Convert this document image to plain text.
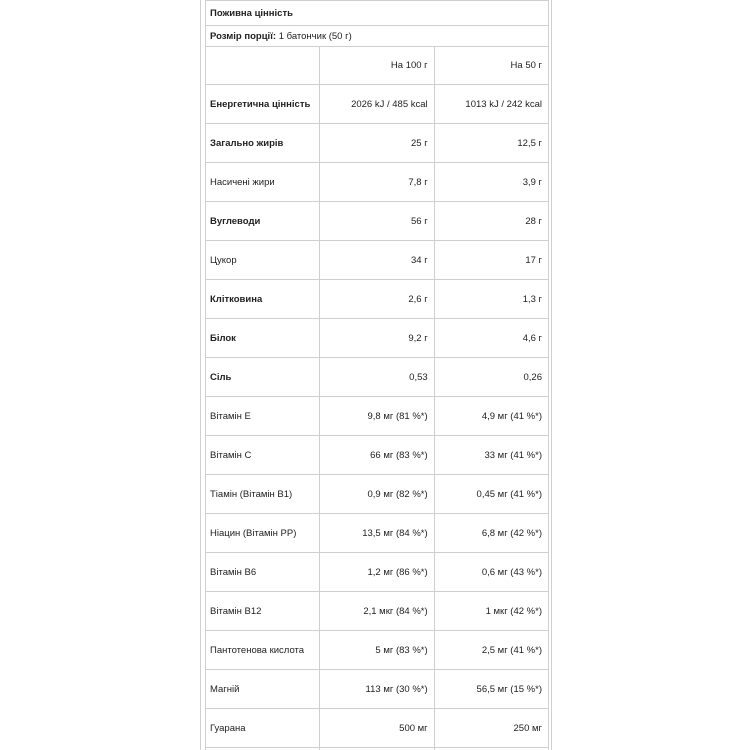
Поживна цінність		
Розмір порції: 1 батончик (50 г)		
	На 100 г	На 50 г
Енергетична цінність	2026 kJ / 485 kcal	1013 kJ / 242 kcal
Загально жирів	25 г	12,5 г
Насичені жири	7,8 г	3,9 г
Вуглеводи	56 г	28 г
Цукор	34 г	17 г
Клітковина	2,6 г	1,3 г
Білок	9,2 г	4,6 г
Сіль	0,53	0,26
Вітамін Е	9,8 мг (81 %*)	4,9 мг (41 %*)
Вітамін С	66 мг (83 %*)	33 мг (41 %*)
Тіамін (Вітамін В1)	0,9 мг (82 %*)	0,45 мг (41 %*)
Ніацин (Вітамін PP)	13,5 мг (84 %*)	6,8 мг (42 %*)
Вітамін В6	1,2 мг (86 %*)	0,6 мг (43 %*)
Вітамін В12	2,1 мкг (84 %*)	1 мкг (42 %*)
Пантотенова кислота	5 мг (83 %*)	2,5 мг (41 %*)
Магній	113 мг (30 %*)	56,5 мг (15 %*)
Гуарана	500 мг	250 мг
